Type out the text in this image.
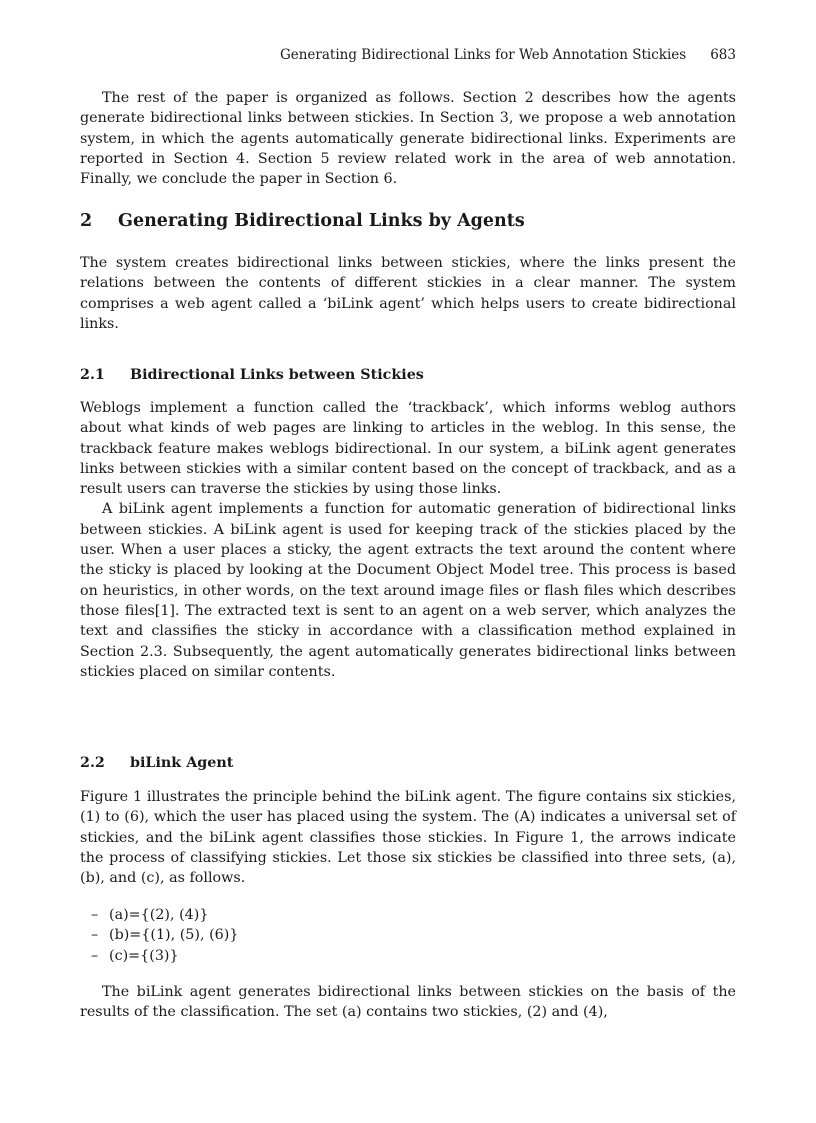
Generating Bidirectional Links for Web Annotation Stickies 683

The rest of the paper is organized as follows. Section 2 describes how the agents generate bidirectional links between stickies. In Section 3, we propose a web annotation system, in which the agents automatically generate bidirectional links. Experiments are reported in Section 4. Section 5 review related work in the area of web annotation. Finally, we conclude the paper in Section 6.

2 Generating Bidirectional Links by Agents

The system creates bidirectional links between stickies, where the links present the relations between the contents of different stickies in a clear manner. The system comprises a web agent called a ‘biLink agent’ which helps users to create bidirectional links.

2.1 Bidirectional Links between Stickies

Weblogs implement a function called the ‘trackback’, which informs weblog authors about what kinds of web pages are linking to articles in the weblog. In this sense, the trackback feature makes weblogs bidirectional. In our system, a biLink agent generates links between stickies with a similar content based on the concept of trackback, and as a result users can traverse the stickies by using those links.

A biLink agent implements a function for automatic generation of bidirectional links between stickies. A biLink agent is used for keeping track of the stickies placed by the user. When a user places a sticky, the agent extracts the text around the content where the sticky is placed by looking at the Document Object Model tree. This process is based on heuristics, in other words, on the text around image files or flash files which describes those files[1]. The extracted text is sent to an agent on a web server, which analyzes the text and classifies the sticky in accordance with a classification method explained in Section 2.3. Subsequently, the agent automatically generates bidirectional links between stickies placed on similar contents.

2.2 biLink Agent

Figure 1 illustrates the principle behind the biLink agent. The figure contains six stickies, (1) to (6), which the user has placed using the system. The (A) indicates a universal set of stickies, and the biLink agent classifies those stickies. In Figure 1, the arrows indicate the process of classifying stickies. Let those six stickies be classified into three sets, (a), (b), and (c), as follows.

– (a)={(2), (4)}
– (b)={(1), (5), (6)}
– (c)={(3)}

The biLink agent generates bidirectional links between stickies on the basis of the results of the classification. The set (a) contains two stickies, (2) and (4),
